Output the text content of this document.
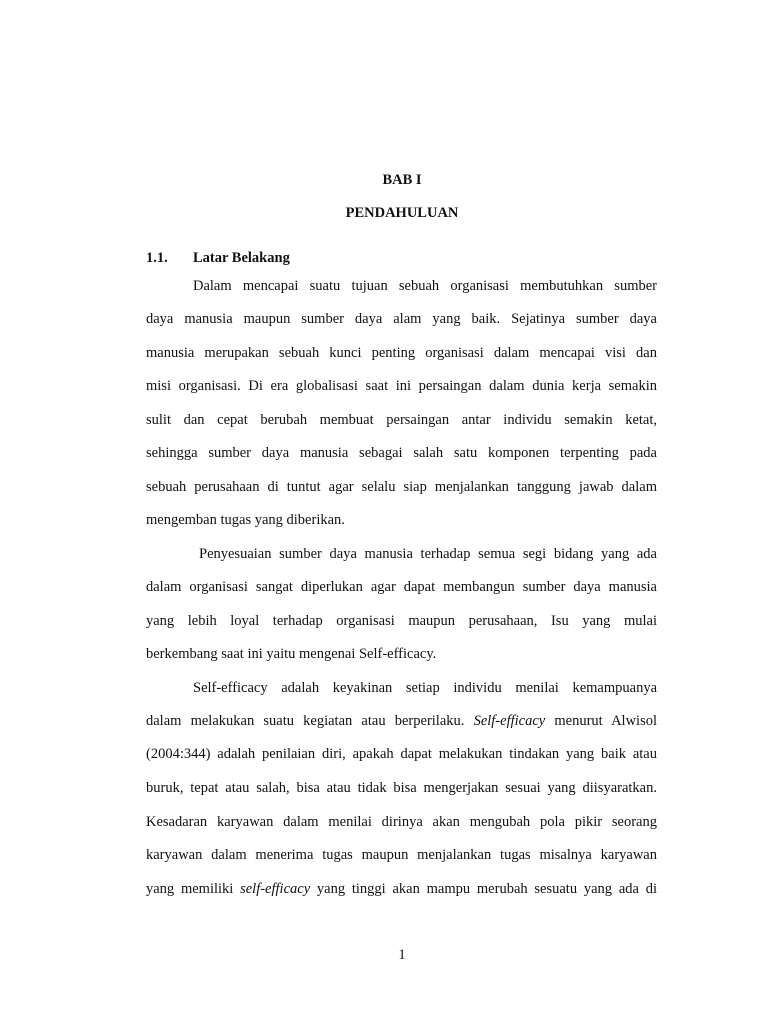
BAB I

PENDAHULUAN

1.1.	Latar Belakang

Dalam mencapai suatu tujuan sebuah organisasi membutuhkan sumber
daya manusia maupun sumber daya alam yang baik. Sejatinya sumber daya
manusia merupakan sebuah kunci penting organisasi dalam mencapai visi dan
misi organisasi. Di era globalisasi saat ini persaingan dalam dunia kerja semakin
sulit dan cepat berubah membuat persaingan antar individu semakin ketat,
sehingga sumber daya manusia sebagai salah satu komponen terpenting pada
sebuah perusahaan di tuntut agar selalu siap menjalankan tanggung jawab dalam
mengemban tugas yang diberikan.
Penyesuaian sumber daya manusia terhadap semua segi bidang yang ada
dalam organisasi sangat diperlukan agar dapat membangun sumber daya manusia
yang lebih loyal terhadap organisasi maupun perusahaan, Isu yang mulai
berkembang saat ini yaitu mengenai Self-efficacy.
Self-efficacy adalah keyakinan setiap individu menilai kemampuanya
dalam melakukan suatu kegiatan atau berperilaku. Self-efficacy menurut Alwisol
(2004:344) adalah penilaian diri, apakah dapat melakukan tindakan yang baik atau
buruk, tepat atau salah, bisa atau tidak bisa mengerjakan sesuai yang diisyaratkan.
Kesadaran karyawan dalam menilai dirinya akan mengubah pola pikir seorang
karyawan dalam menerima tugas maupun menjalankan tugas misalnya karyawan
yang memiliki self-efficacy yang tinggi akan mampu merubah sesuatu yang ada di
1
